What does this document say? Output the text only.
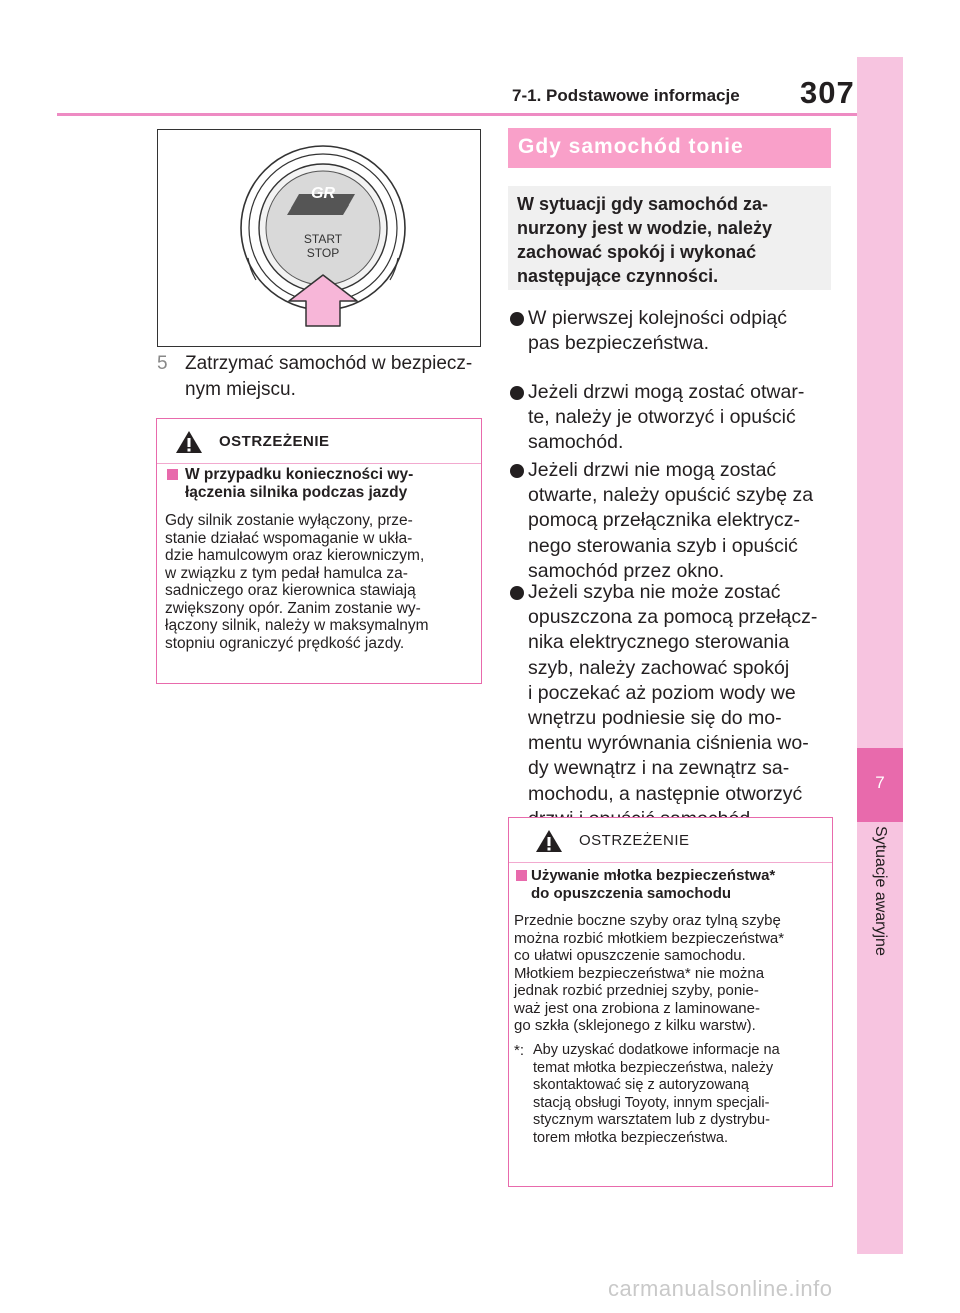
7-1. Podstawowe informacje 307
7
Sytuacje awaryjne
GR
START
STOP
5 Zatrzymać samochód w bezpiecz-
nym miejscu.
OSTRZEŻENIE
W przypadku konieczności wy-
łączenia silnika podczas jazdy
Gdy silnik zostanie wyłączony, prze-
stanie działać wspomaganie w ukła-
dzie hamulcowym oraz kierowniczym,
w związku z tym pedał hamulca za-
sadniczego oraz kierownica stawiają
zwiększony opór. Zanim zostanie wy-
łączony silnik, należy w maksymalnym
stopniu ograniczyć prędkość jazdy.
Gdy samochód tonie
W sytuacji gdy samochód za-
nurzony jest w wodzie, należy
zachować spokój i wykonać
następujące czynności.
W pierwszej kolejności odpiąć
pas bezpieczeństwa.
Jeżeli drzwi mogą zostać otwar-
te, należy je otworzyć i opuścić
samochód.
Jeżeli drzwi nie mogą zostać
otwarte, należy opuścić szybę za
pomocą przełącznika elektrycz-
nego sterowania szyb i opuścić
samochód przez okno.
Jeżeli szyba nie może zostać
opuszczona za pomocą przełącz-
nika elektrycznego sterowania
szyb, należy zachować spokój
i poczekać aż poziom wody we
wnętrzu podniesie się do mo-
mentu wyrównania ciśnienia wo-
dy wewnątrz i na zewnątrz sa-
mochodu, a następnie otworzyć
OSTRZEŻENIE
Używanie młotka bezpieczeństwa*
do opuszczenia samochodu
Przednie boczne szyby oraz tylną szybę
można rozbić młotkiem bezpieczeństwa*
co ułatwi opuszczenie samochodu.
Młotkiem bezpieczeństwa* nie można
jednak rozbić przedniej szyby, ponie-
waż jest ona zrobiona z laminowane-
go szkła (sklejonego z kilku warstw).
*: Aby uzyskać dodatkowe informacje na
temat młotka bezpieczeństwa, należy
skontaktować się z autoryzowaną
stacją obsługi Toyoty, innym specjali-
stycznym warsztatem lub z dystrybu-
torem młotka bezpieczeństwa.
carmanualsonline.info
